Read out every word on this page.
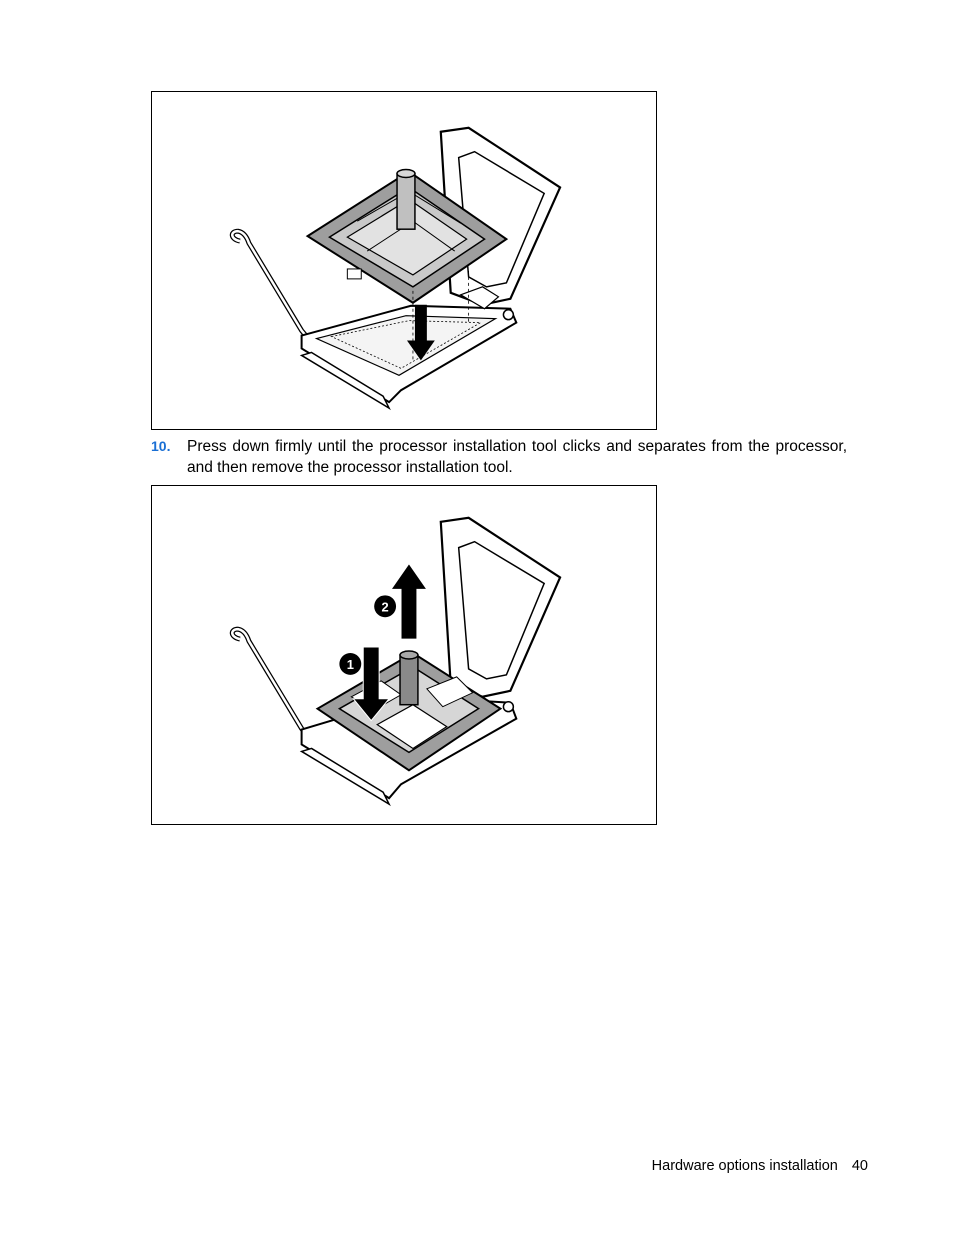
10. Press down firmly until the processor installation tool clicks and separates from the processor, and then remove the processor installation tool.
1
2
Hardware options installation 40
